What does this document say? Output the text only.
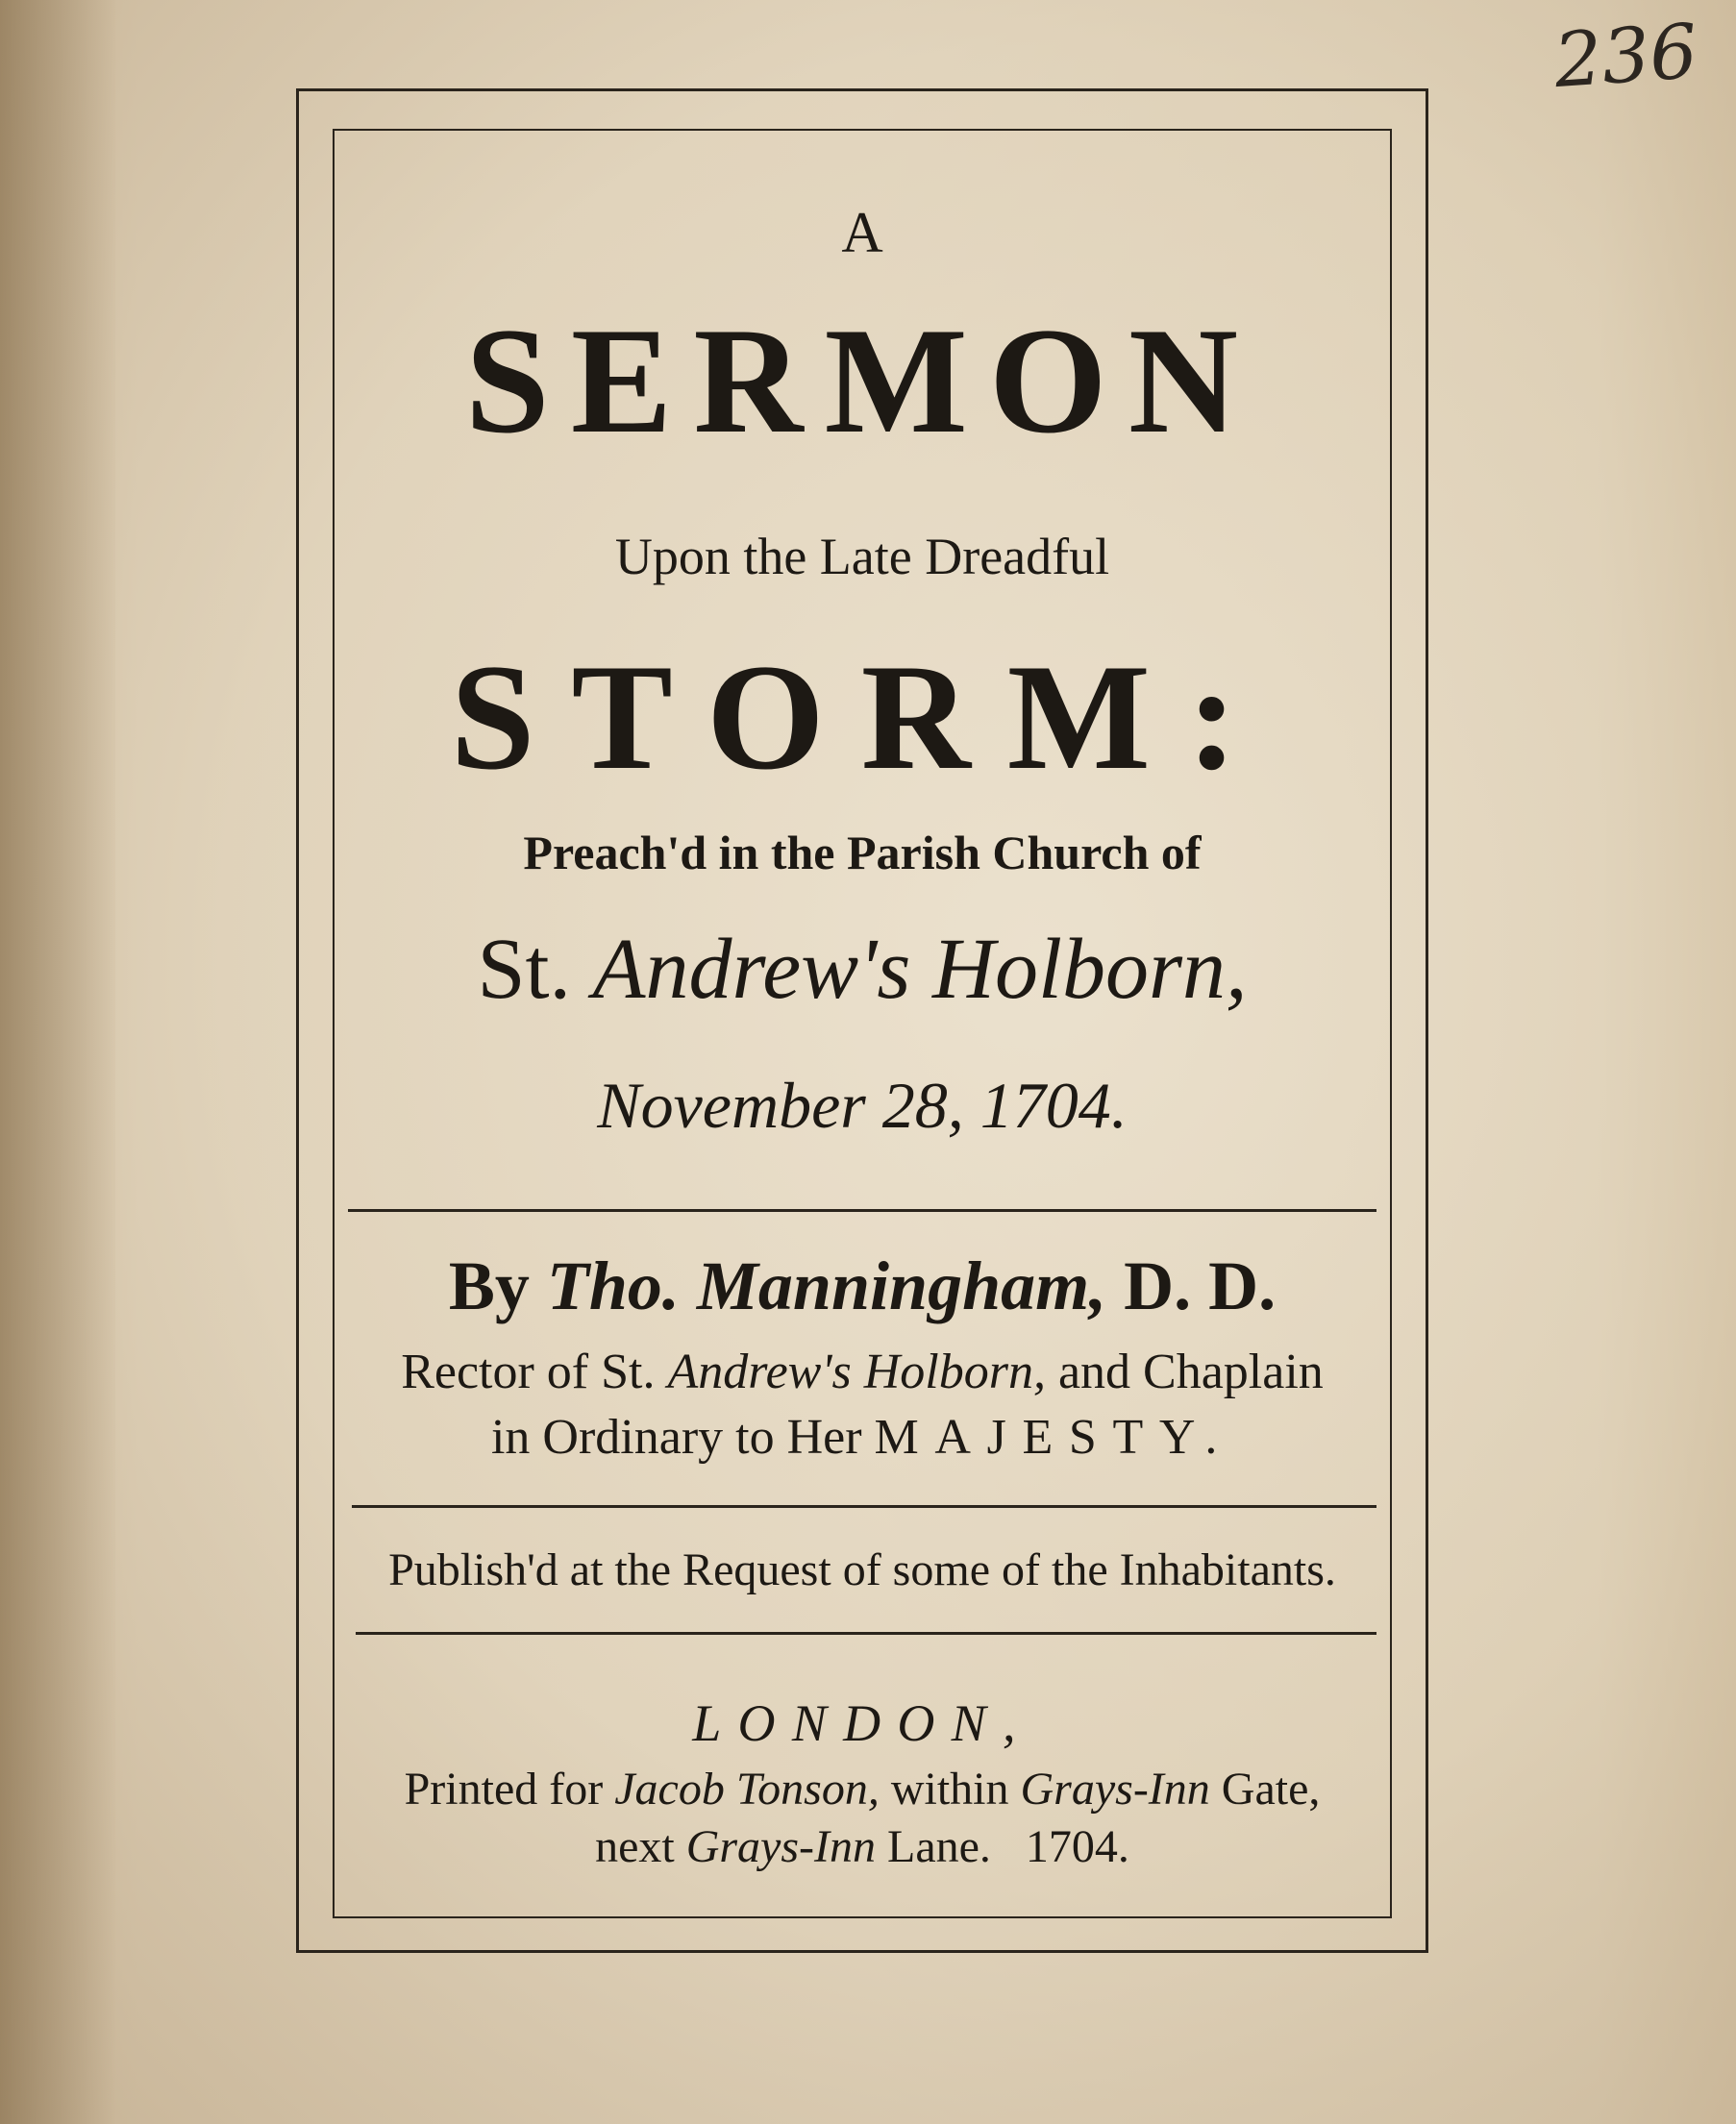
236
A
SERMON
Upon the Late Dreadful
STORM:
Preach'd in the Parish Church of
St. Andrew's Holborn,
November 28, 1704.
By Tho. Manningham, D. D.
Rector of St. Andrew's Holborn, and Chaplain
in Ordinary to Her MAJESTY.
Publish'd at the Request of some of the Inhabitants.
LONDON,
Printed for Jacob Tonson, within Grays-Inn Gate,
next Grays-Inn Lane.   1704.
